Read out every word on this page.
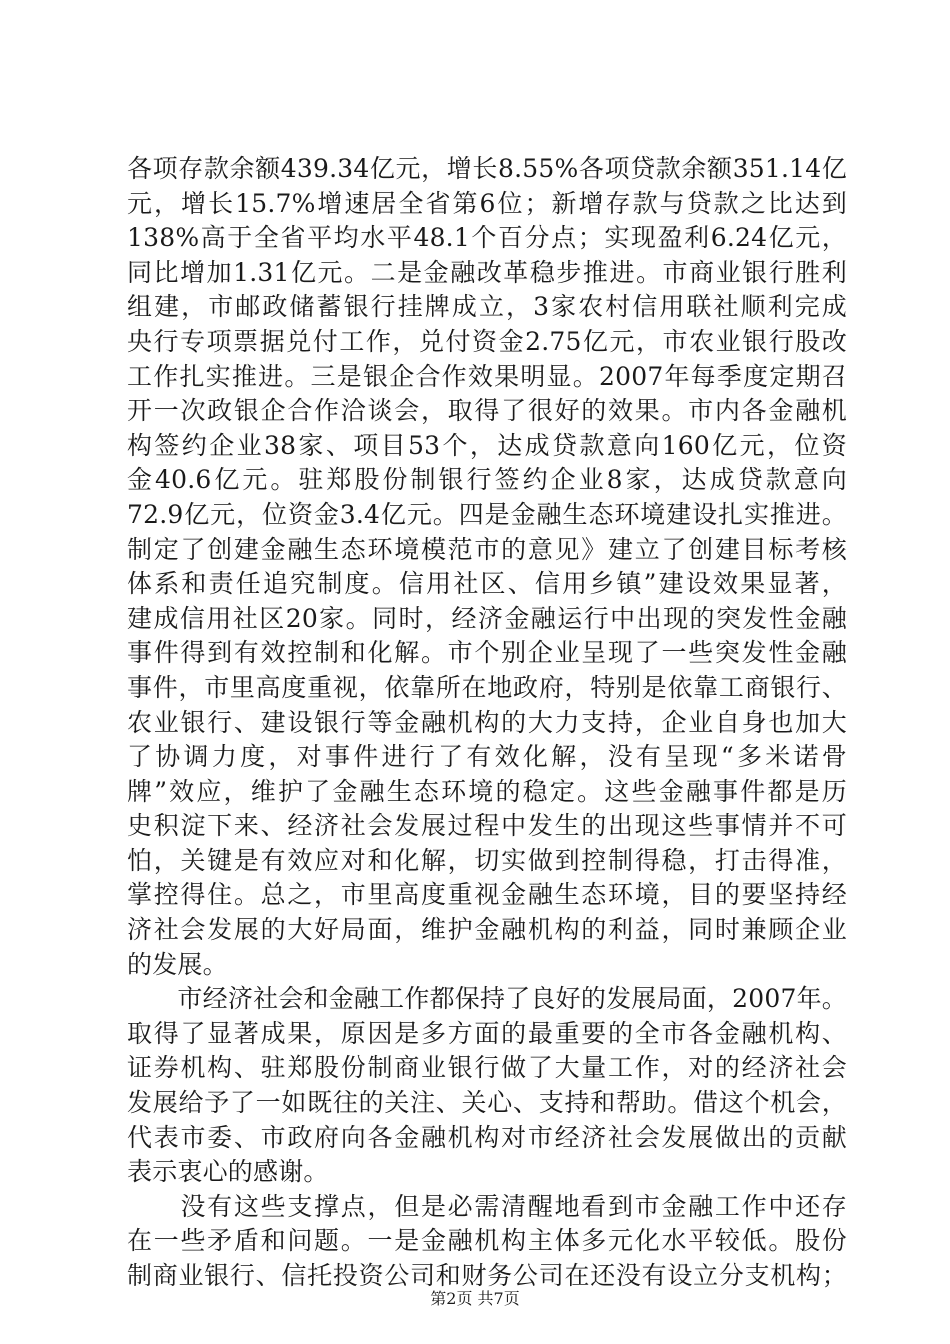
各项存款余额439.34亿元，增长8.55%各项贷款余额351.14亿
元，增长15.7%增速居全省第6位；新增存款与贷款之比达到
138%高于全省平均水平48.1个百分点；实现盈利6.24亿元，
同比增加1.31亿元。二是金融改革稳步推进。市商业银行胜利
组建，市邮政储蓄银行挂牌成立，3家农村信用联社顺利完成
央行专项票据兑付工作，兑付资金2.75亿元，市农业银行股改
工作扎实推进。三是银企合作效果明显。2007年每季度定期召
开一次政银企合作洽谈会，取得了很好的效果。市内各金融机
构签约企业38家、项目53个，达成贷款意向160亿元，位资
金40.6亿元。驻郑股份制银行签约企业8家，达成贷款意向
72.9亿元，位资金3.4亿元。四是金融生态环境建设扎实推进。
制定了创建金融生态环境模范市的意见》建立了创建目标考核
体系和责任追究制度。信用社区、信用乡镇”建设效果显著，
建成信用社区20家。同时，经济金融运行中出现的突发性金融
事件得到有效控制和化解。市个别企业呈现了一些突发性金融
事件，市里高度重视，依靠所在地政府，特别是依靠工商银行、
农业银行、建设银行等金融机构的大力支持，企业自身也加大
了协调力度，对事件进行了有效化解，没有呈现“多米诺骨
牌”效应，维护了金融生态环境的稳定。这些金融事件都是历
史积淀下来、经济社会发展过程中发生的出现这些事情并不可
怕，关键是有效应对和化解，切实做到控制得稳，打击得准，
掌控得住。总之，市里高度重视金融生态环境，目的要坚持经
济社会发展的大好局面，维护金融机构的利益，同时兼顾企业
的发展。
　　市经济社会和金融工作都保持了良好的发展局面，2007年。
取得了显著成果，原因是多方面的最重要的全市各金融机构、
证券机构、驻郑股份制商业银行做了大量工作，对的经济社会
发展给予了一如既往的关注、关心、支持和帮助。借这个机会，
代表市委、市政府向各金融机构对市经济社会发展做出的贡献
表示衷心的感谢。
　　没有这些支撑点，但是必需清醒地看到市金融工作中还存
在一些矛盾和问题。一是金融机构主体多元化水平较低。股份
制商业银行、信托投资公司和财务公司在还没有设立分支机构；
第2页 共7页
